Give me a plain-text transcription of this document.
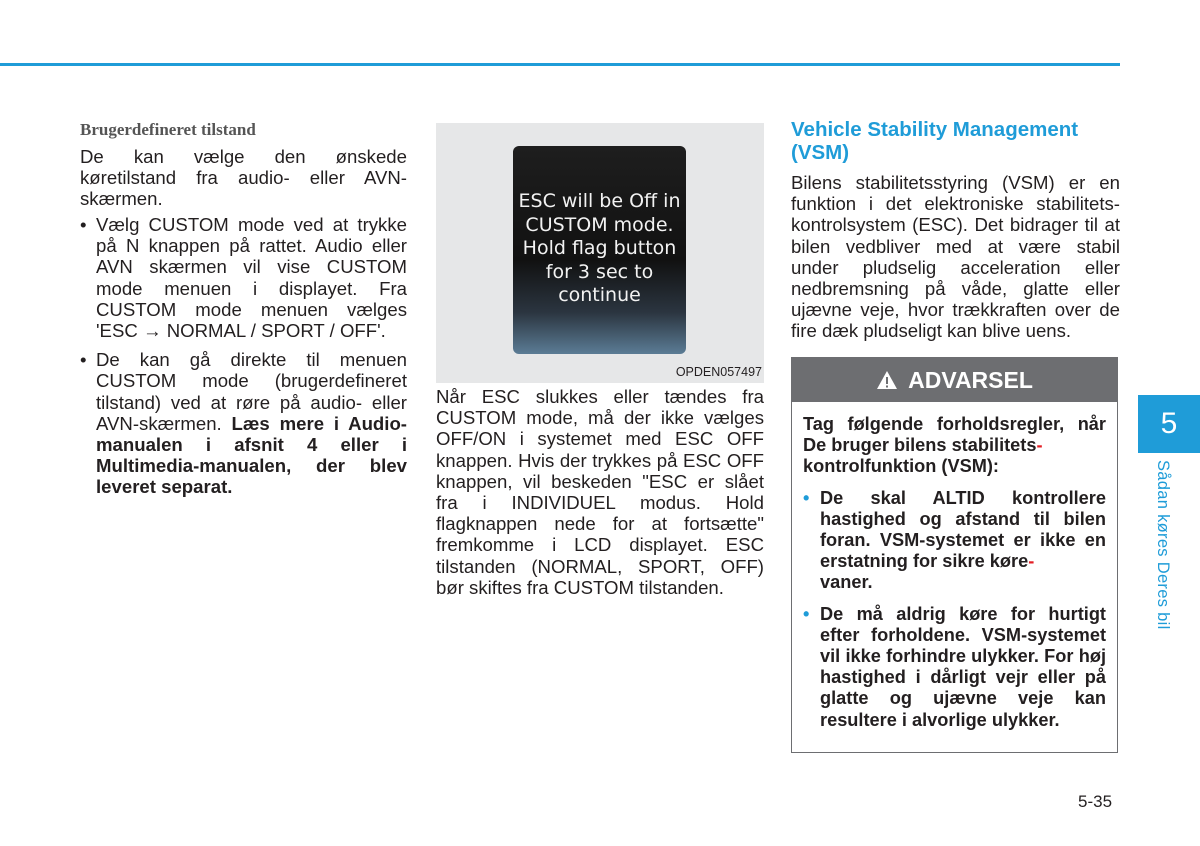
Brugerdefineret tilstand

De kan vælge den ønskede køretilstand fra audio- eller AVN-skærmen.

• Vælg CUSTOM mode ved at trykke på N knappen på rattet. Audio eller AVN skærmen vil vise CUSTOM mode menuen i displayet. Fra CUSTOM mode menuen vælges 'ESC → NORMAL / SPORT / OFF'.
• De kan gå direkte til menuen CUSTOM mode (brugerdefineret tilstand) ved at røre på audio- eller AVN-skærmen. Læs mere i Audio-manualen i afsnit 4 eller i Multimedia-manualen, der blev leveret separat.
ESC will be Off in
CUSTOM mode.
Hold flag button
for 3 sec to
continue
OPDEN057497

Når ESC slukkes eller tændes fra CUSTOM mode, må der ikke vælges OFF/ON i systemet med ESC OFF knappen. Hvis der trykkes på ESC OFF knappen, vil beskeden "ESC er slået fra i INDIVIDUEL modus. Hold flagknappen nede for at fortsætte" fremkomme i LCD displayet. ESC tilstanden (NORMAL, SPORT, OFF) bør skiftes fra CUSTOM tilstanden.

Vehicle Stability Management (VSM)

Bilens stabilitetsstyring (VSM) er en funktion i det elektroniske stabilitets-kontrolsystem (ESC). Det bidrager til at bilen vedbliver med at være stabil under pludselig acceleration eller nedbremsning på våde, glatte eller ujævne veje, hvor trækkraften over de fire dæk pludseligt kan blive uens.

ADVARSEL

Tag følgende forholdsregler, når De bruger bilens stabilitets-
kontrolfunktion (VSM):

• De skal ALTID kontrollere hastighed og afstand til bilen foran. VSM-systemet er ikke en erstatning for sikre køre-
vaner.
• De må aldrig køre for hurtigt efter forholdene. VSM-systemet vil ikke forhindre ulykker. For høj hastighed i dårligt vejr eller på glatte og ujævne veje kan resultere i alvorlige ulykker.
5
Sådan køres Deres bil
5-35
